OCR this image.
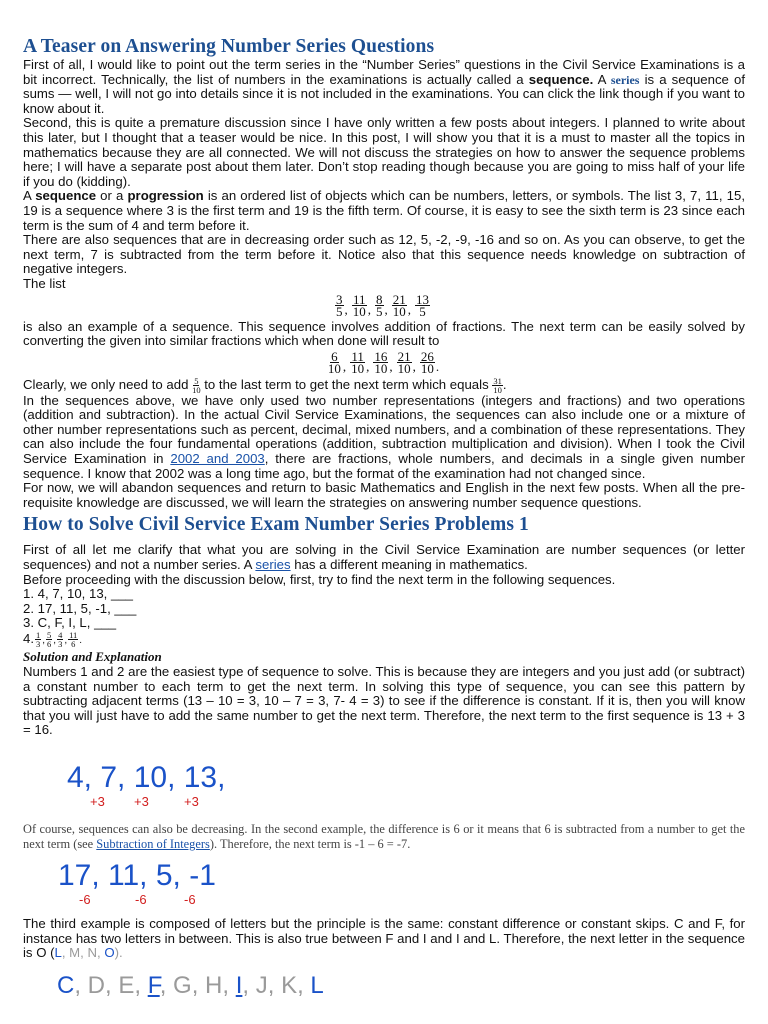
A Teaser on Answering Number Series Questions

First of all, I would like to point out the term series in the “Number Series” questions in the Civil Service Examinations is a bit incorrect. Technically, the list of numbers in the examinations is actually called a sequence. A series is a sequence of sums — well, I will not go into details since it is not included in the examinations. You can click the link though if you want to know about it.

Second, this is quite a premature discussion since I have only written a few posts about integers. I planned to write about this later, but I thought that a teaser would be nice. In this post, I will show you that it is a must to master all the topics in mathematics because they are all connected. We will not discuss the strategies on how to answer the sequence problems here; I will have a separate post about them later. Don’t stop reading though because you are going to miss half of your life if you do (kidding).

A sequence or a progression is an ordered list of objects which can be numbers, letters, or symbols. The list 3, 7, 11, 15, 19 is a sequence where 3 is the first term and 19 is the fifth term. Of course, it is easy to see the sixth term is 23 since each term is the sum of 4 and term before it.

There are also sequences that are in decreasing order such as 12, 5, -2, -9, -16 and so on. As you can observe, to get the next term, 7 is subtracted from the term before it. Notice also that this sequence needs knowledge on subtraction of negative integers.

The list

$\frac{3}{5}$ , $\frac{11}{10}$ , $\frac{8}{5}$ , $\frac{21}{10}$ , $\frac{13}{5}$

is also an example of a sequence. This sequence involves addition of fractions. The next term can be easily solved by converting the given into similar fractions which when done will result to

$\frac{6}{10}$ , $\frac{11}{10}$ , $\frac{16}{10}$ , $\frac{21}{10}$ , $\frac{26}{10}$ .

Clearly, we only need to add $\frac{5}{10}$ to the last term to get the next term which equals $\frac{31}{10}$ .

In the sequences above, we have only used two number representations (integers and fractions) and two operations (addition and subtraction). In the actual Civil Service Examinations, the sequences can also include one or a mixture of other number representations such as percent, decimal, mixed numbers, and a combination of these representations. They can also include the four fundamental operations (addition, subtraction multiplication and division). When I took the Civil Service Examination in 2002 and 2003, there are fractions, whole numbers, and decimals in a single given number sequence. I know that 2002 was a long time ago, but the format of the examination had not changed since.

For now, we will abandon sequences and return to basic Mathematics and English in the next few posts. When all the pre-requisite knowledge are discussed, we will learn the strategies on answering number sequence questions.

How to Solve Civil Service Exam Number Series Problems 1

First of all let me clarify that what you are solving in the Civil Service Examination are number sequences (or letter sequences) and not a number series. A series has a different meaning in mathematics.

Before proceeding with the discussion below, first, try to find the next term in the following sequences.

1. 4, 7, 10, 13, ___

2. 17, 11, 5, -1, ___

3. C, F, I, L, ___

4. $\frac{1}{3}$ , $\frac{5}{6}$ , $\frac{4}{3}$ , $\frac{11}{6}$ .

Solution and Explanation

Numbers 1 and 2 are the easiest type of sequence to solve. This is because they are integers and you just add (or subtract) a constant number to each term to get the next term. In solving this type of sequence, you can see this pattern by subtracting adjacent terms (13 – 10 = 3, 10 – 7 = 3, 7- 4 = 3) to see if the difference is constant. If it is, then you will know that you will just have to add the same number to get the next term. Therefore, the next term to the first sequence is 13 + 3 = 16.

4, 7, 10, 13,
+3 +3	+3

Of course, sequences can also be decreasing. In the second example, the difference is 6 or it means that 6 is subtracted from a number to get the next term (see Subtraction of Integers). Therefore, the next term is -1 – 6 = -7.

17, 11, 5, -1
-6	-6	-6

The third example is composed of letters but the principle is the same: constant difference or constant skips. C and F, for instance has two letters in between. This is also true between F and I and I and L. Therefore, the next letter in the sequence is O (L, M, N, O).

C, D, E, F, G, H, I, J, K, L
